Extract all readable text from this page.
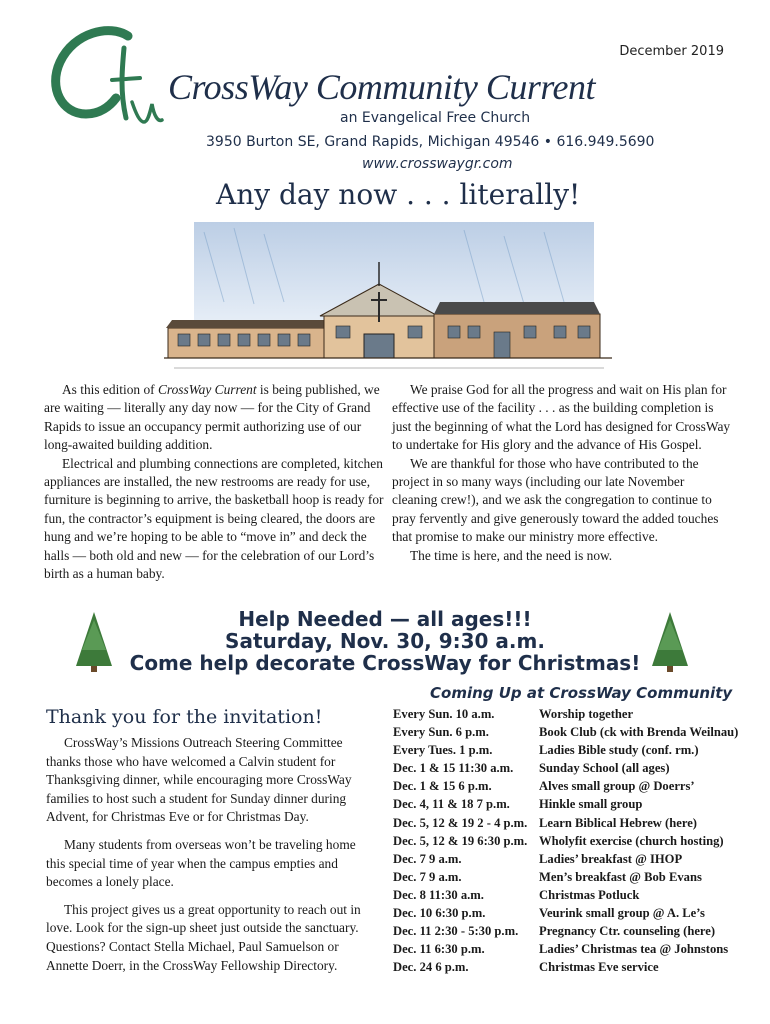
December 2019
CrossWay Community Current
an Evangelical Free Church
3950 Burton SE, Grand Rapids, Michigan 49546 • 616.949.5690
www.crosswaygr.com
Any day now . . . literally!

As this edition of CrossWay Current is being published, we are waiting — literally any day now — for the City of Grand Rapids to issue an occupancy permit authorizing use of our long-awaited building addition.

Electrical and plumbing connections are completed, kitchen appliances are installed, the new restrooms are ready for use, furniture is beginning to arrive, the basketball hoop is ready for fun, the contractor’s equipment is being cleared, the doors are hung and we’re hoping to be able to “move in” and deck the halls — both old and new — for the celebration of our Lord’s birth as a human baby.

We praise God for all the progress and wait on His plan for effective use of the facility . . . as the building completion is just the beginning of what the Lord has designed for CrossWay to undertake for His glory and the advance of His Gospel.

We are thankful for those who have contributed to the project in so many ways (including our late November cleaning crew!), and we ask the congregation to continue to pray fervently and give generously toward the added touches that promise to make our ministry more effective.

The time is here, and the need is now.

Help Needed — all ages!!!
Saturday, Nov. 30, 9:30 a.m.
Come help decorate CrossWay for Christmas!
Thank you for the invitation!

CrossWay’s Missions Outreach Steering Committee thanks those who have welcomed a Calvin student for Thanksgiving dinner, while encouraging more CrossWay families to host such a student for Sunday dinner during Advent, for Christmas Eve or for Christmas Day.

Many students from overseas won’t be traveling home this special time of year when the campus empties and becomes a lonely place.

This project gives us a great opportunity to reach out in love. Look for the sign-up sheet just outside the sanctuary. Questions? Contact Stella Michael, Paul Samuelson or Annette Doerr, in the CrossWay Fellowship Directory.

Coming Up at CrossWay Community
Every Sun. 10 a.m.	Worship together
Every Sun. 6 p.m.	Book Club (ck with Brenda Weilnau)
Every Tues. 1 p.m.	Ladies Bible study (conf. rm.)
Dec. 1 & 15 11:30 a.m.	Sunday School (all ages)
Dec. 1 & 15 6 p.m.	Alves small group @ Doerrs’
Dec. 4, 11 & 18 7 p.m.	Hinkle small group
Dec. 5, 12 & 19 2 - 4 p.m. Learn Biblical Hebrew (here)
Dec. 5, 12 & 19 6:30 p.m. Wholyfit exercise (church hosting)
Dec. 7 9 a.m.	Ladies’ breakfast @ IHOP
Dec. 7 9 a.m.	Men’s breakfast @ Bob Evans
Dec. 8 11:30 a.m.	Christmas Potluck
Dec. 10 6:30 p.m.	Veurink small group @ A. Le’s
Dec. 11 2:30 - 5:30 p.m.	Pregnancy Ctr. counseling (here)
Dec. 11 6:30 p.m.	Ladies’ Christmas tea @ Johnstons
Dec. 24 6 p.m.	Christmas Eve service
